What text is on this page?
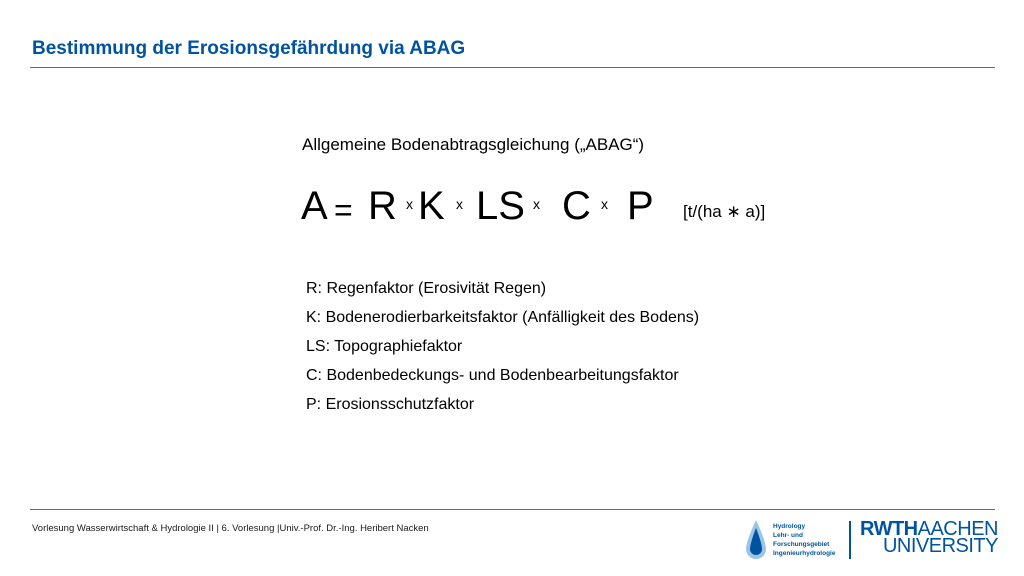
Bestimmung der Erosionsgefährdung via ABAG
Allgemeine Bodenabtragsgleichung („ABAG“)
A = R x K x LS x C x P [t/(ha ∗ a)]
R: Regenfaktor (Erosivität Regen)
K: Bodenerodierbarkeitsfaktor (Anfälligkeit des Bodens)
LS: Topographiefaktor
C: Bodenbedeckungs- und Bodenbearbeitungsfaktor
P: Erosionsschutzfaktor
Vorlesung Wasserwirtschaft & Hydrologie II | 6. Vorlesung |Univ.-Prof. Dr.-Ing. Heribert Nacken	Hydrology
Lehr- und
Forschungsgebiet
Ingenieurhydrologie
RWTHAACHEN
UNIVERSITY
